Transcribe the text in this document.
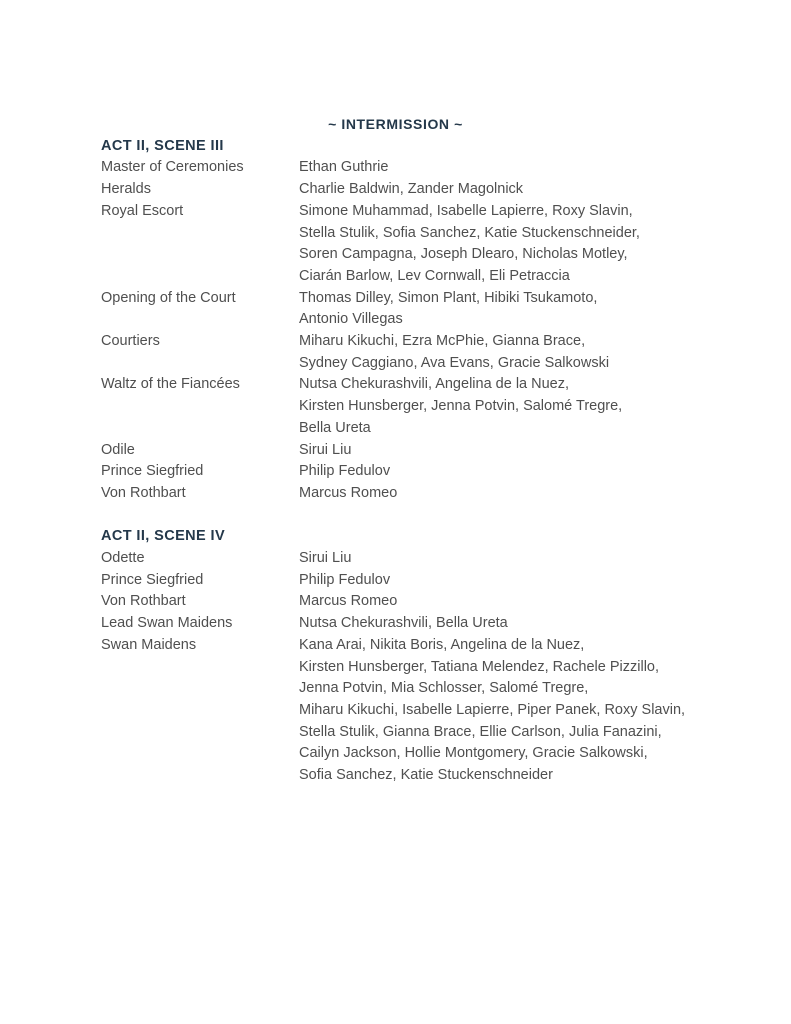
~ INTERMISSION ~
ACT II, SCENE III
Master of Ceremonies	Ethan Guthrie
Heralds	Charlie Baldwin, Zander Magolnick
Royal Escort	Simone Muhammad, Isabelle Lapierre, Roxy Slavin,
Stella Stulik, Sofia Sanchez, Katie Stuckenschneider,
Soren Campagna, Joseph Dlearo, Nicholas Motley,
Ciarán Barlow, Lev Cornwall, Eli Petraccia
Opening of the Court	Thomas Dilley, Simon Plant, Hibiki Tsukamoto,
Antonio Villegas
Courtiers	Miharu Kikuchi, Ezra McPhie, Gianna Brace,
Sydney Caggiano, Ava Evans, Gracie Salkowski
Waltz of the Fiancées	Nutsa Chekurashvili, Angelina de la Nuez,
Kirsten Hunsberger, Jenna Potvin, Salomé Tregre,
Bella Ureta
Odile	Sirui Liu
Prince Siegfried	Philip Fedulov
Von Rothbart	Marcus Romeo
ACT II, SCENE IV
Odette	Sirui Liu
Prince Siegfried	Philip Fedulov
Von Rothbart	Marcus Romeo
Lead Swan Maidens	Nutsa Chekurashvili, Bella Ureta
Swan Maidens	Kana Arai, Nikita Boris, Angelina de la Nuez,
Kirsten Hunsberger, Tatiana Melendez, Rachele Pizzillo,
Jenna Potvin, Mia Schlosser, Salomé Tregre,
Miharu Kikuchi, Isabelle Lapierre, Piper Panek, Roxy Slavin,
Stella Stulik, Gianna Brace, Ellie Carlson, Julia Fanazini,
Cailyn Jackson, Hollie Montgomery, Gracie Salkowski,
Sofia Sanchez, Katie Stuckenschneider
